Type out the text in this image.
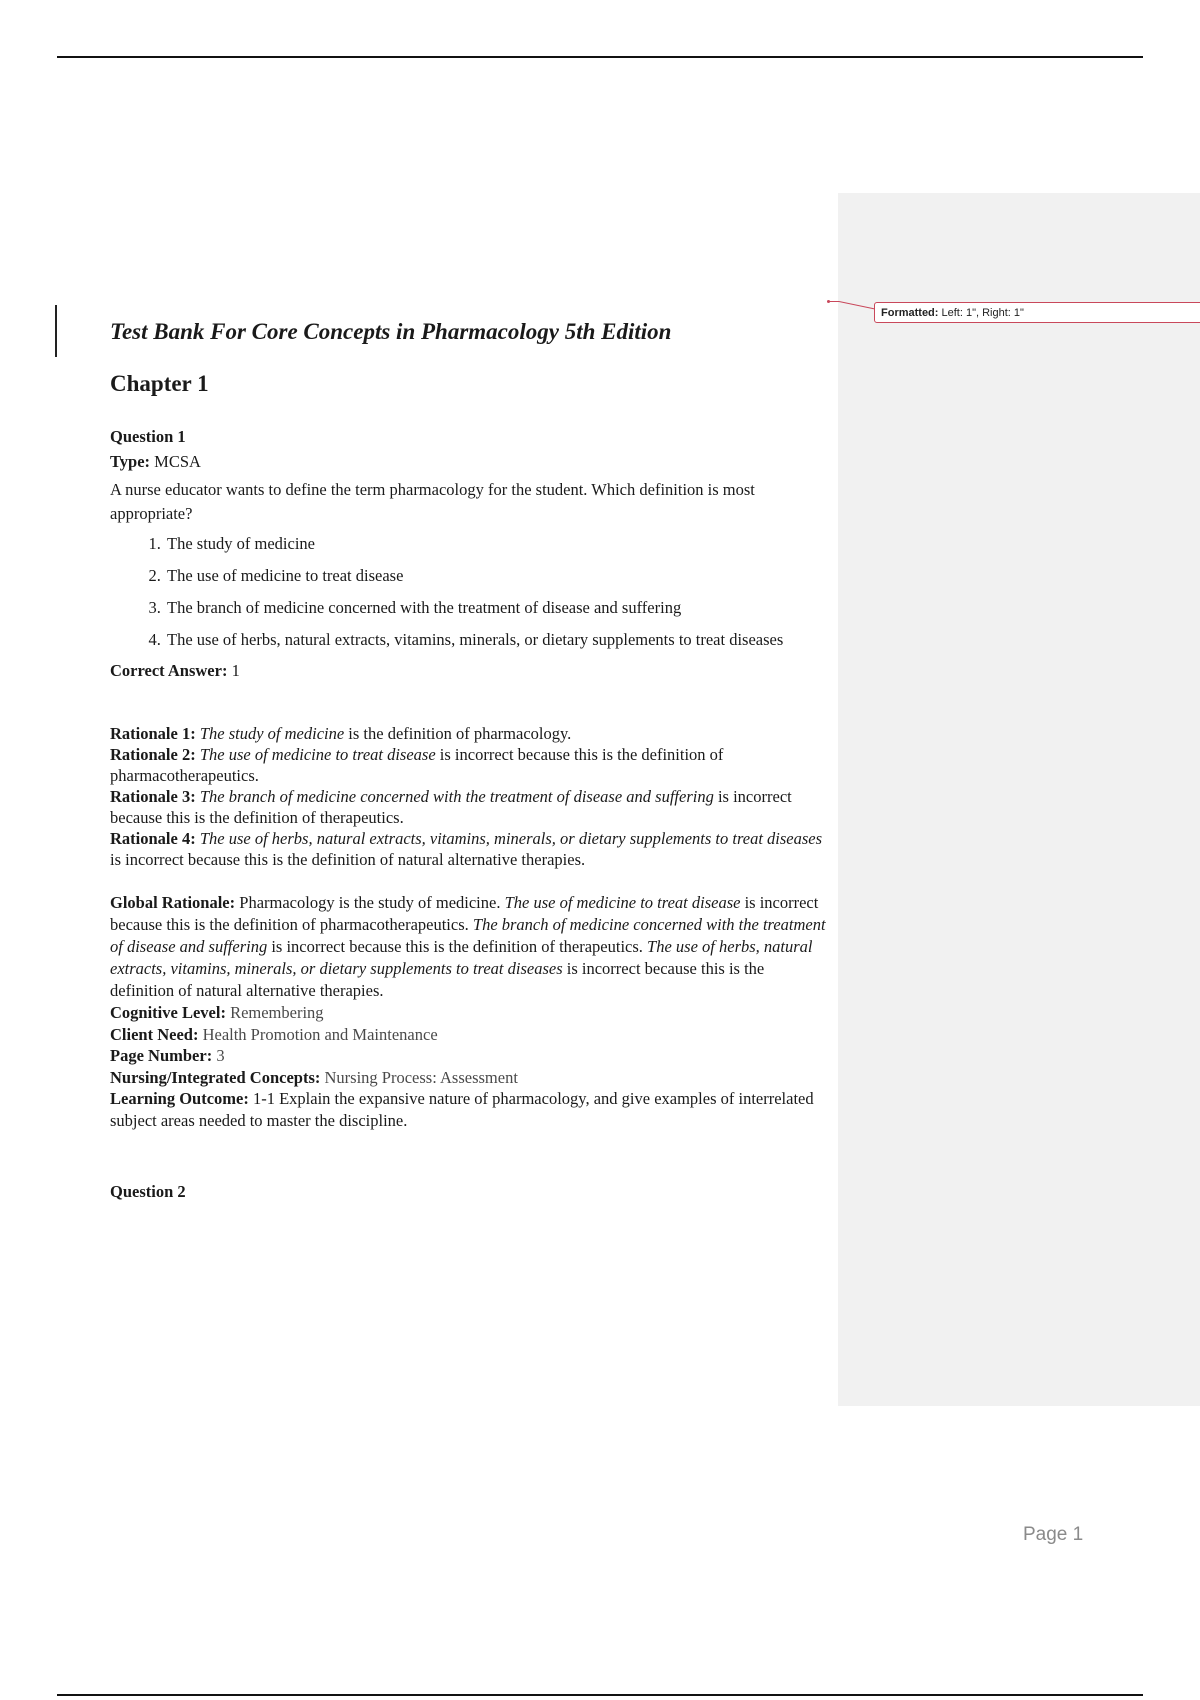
Formatted: Left: 1", Right: 1"
Test Bank For Core Concepts in Pharmacology 5th Edition
Chapter 1
Question 1
Type: MCSA
A nurse educator wants to define the term pharmacology for the student. Which definition is most appropriate?
1. The study of medicine
2. The use of medicine to treat disease
3. The branch of medicine concerned with the treatment of disease and suffering
4. The use of herbs, natural extracts, vitamins, minerals, or dietary supplements to treat diseases
Correct Answer: 1
Rationale 1: The study of medicine is the definition of pharmacology.
Rationale 2: The use of medicine to treat disease is incorrect because this is the definition of pharmacotherapeutics.
Rationale 3: The branch of medicine concerned with the treatment of disease and suffering is incorrect because this is the definition of therapeutics.
Rationale 4: The use of herbs, natural extracts, vitamins, minerals, or dietary supplements to treat diseases is incorrect because this is the definition of natural alternative therapies.
Global Rationale: Pharmacology is the study of medicine. The use of medicine to treat disease is incorrect because this is the definition of pharmacotherapeutics. The branch of medicine concerned with the treatment of disease and suffering is incorrect because this is the definition of therapeutics. The use of herbs, natural extracts, vitamins, minerals, or dietary supplements to treat diseases is incorrect because this is the definition of natural alternative therapies.
Cognitive Level: Remembering
Client Need: Health Promotion and Maintenance
Page Number: 3
Nursing/Integrated Concepts: Nursing Process: Assessment
Learning Outcome: 1-1 Explain the expansive nature of pharmacology, and give examples of interrelated subject areas needed to master the discipline.
Question 2
Page 1
